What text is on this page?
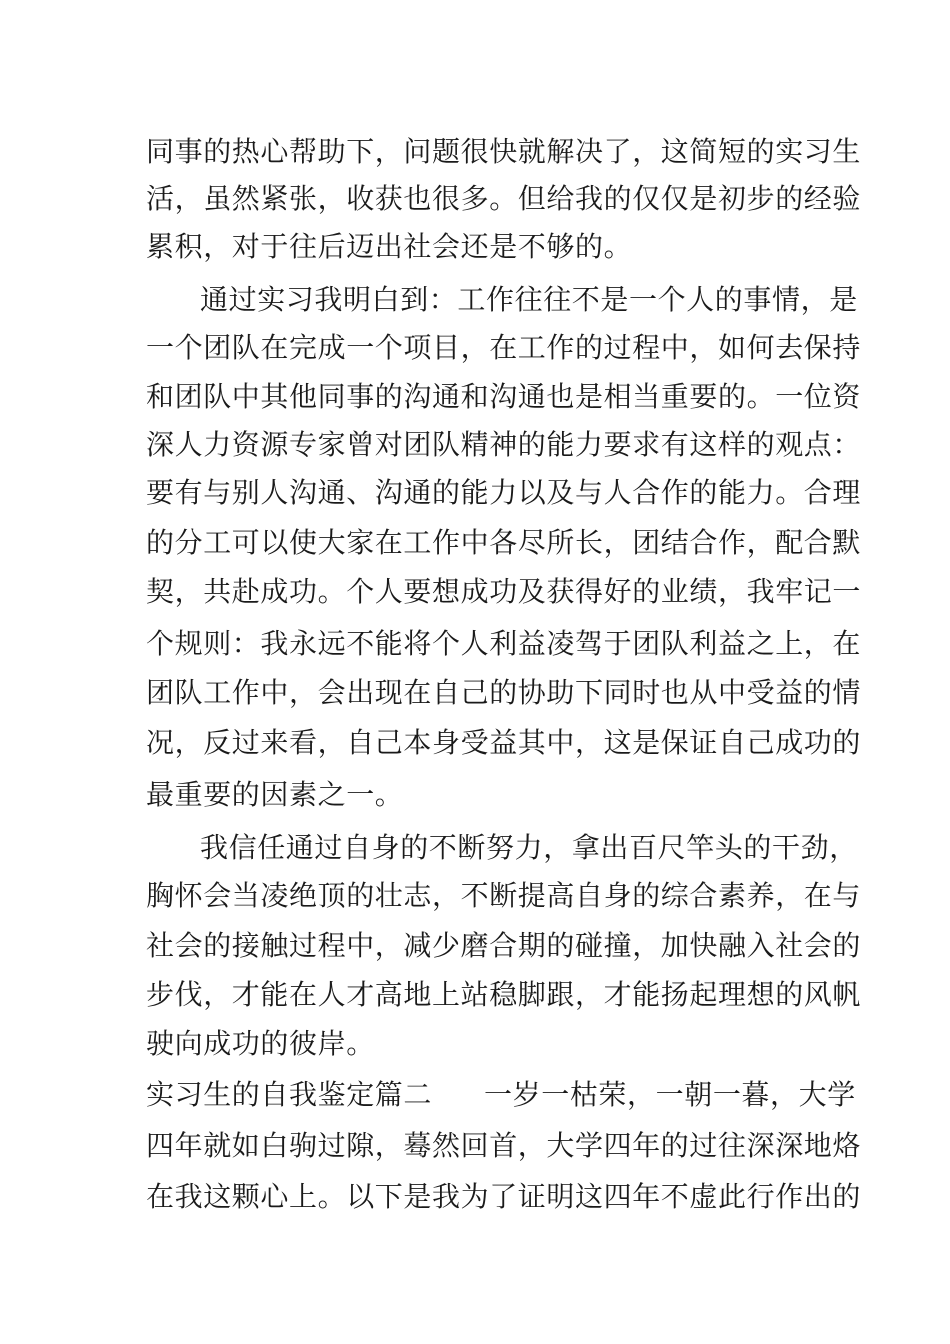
同事的热心帮助下，问题很快就解决了，这简短的实习生
活，虽然紧张，收获也很多。但给我的仅仅是初步的经验
累积，对于往后迈出社会还是不够的。
通过实习我明白到：工作往往不是一个人的事情，是
一个团队在完成一个项目，在工作的过程中，如何去保持
和团队中其他同事的沟通和沟通也是相当重要的。一位资
深人力资源专家曾对团队精神的能力要求有这样的观点：
要有与别人沟通、沟通的能力以及与人合作的能力。合理
的分工可以使大家在工作中各尽所长，团结合作，配合默
契，共赴成功。个人要想成功及获得好的业绩，我牢记一
个规则：我永远不能将个人利益凌驾于团队利益之上，在
团队工作中，会出现在自己的协助下同时也从中受益的情
况，反过来看，自己本身受益其中，这是保证自己成功的
最重要的因素之一。
我信任通过自身的不断努力，拿出百尺竿头的干劲，
胸怀会当凌绝顶的壮志，不断提高自身的综合素养，在与
社会的接触过程中，减少磨合期的碰撞，加快融入社会的
步伐，才能在人才高地上站稳脚跟，才能扬起理想的风帆
驶向成功的彼岸。
实习生的自我鉴定篇二 一岁一枯荣，一朝一暮，大学
四年就如白驹过隙，蓦然回首，大学四年的过往深深地烙
在我这颗心上。以下是我为了证明这四年不虚此行作出的
